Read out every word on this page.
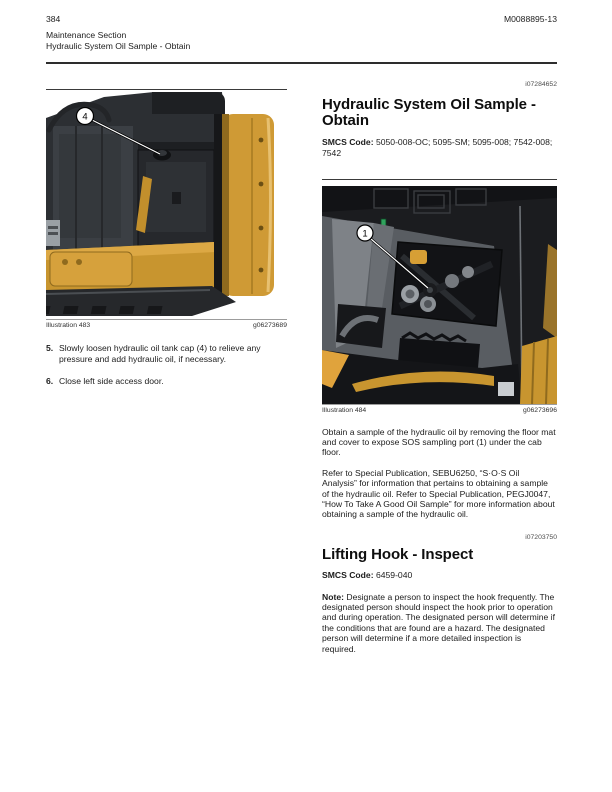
384	M0088895-13
Maintenance Section
Hydraulic System Oil Sample - Obtain
4
Illustration 483	g06273689
5. Slowly loosen hydraulic oil tank cap (4) to relieve any pressure and add hydraulic oil, if necessary.
6. Close left side access door.
i07284652
Hydraulic System Oil Sample - Obtain

SMCS Code: 5050-008-OC; 5095-SM; 5095-008; 7542-008; 7542

1
Illustration 484	g06273696

Obtain a sample of the hydraulic oil by removing the floor mat and cover to expose SOS sampling port (1) under the cab floor.

Refer to Special Publication, SEBU6250, “S·O·S Oil Analysis” for information that pertains to obtaining a sample of the hydraulic oil. Refer to Special Publication, PEGJ0047, “How To Take A Good Oil Sample” for more information about obtaining a sample of the hydraulic oil.

i07203750
Lifting Hook - Inspect

SMCS Code: 6459-040

Note: Designate a person to inspect the hook frequently. The designated person should inspect the hook prior to operation and during operation. The designated person will determine if the conditions that are found are a hazard. The designated person will determine if a more detailed inspection is required.
